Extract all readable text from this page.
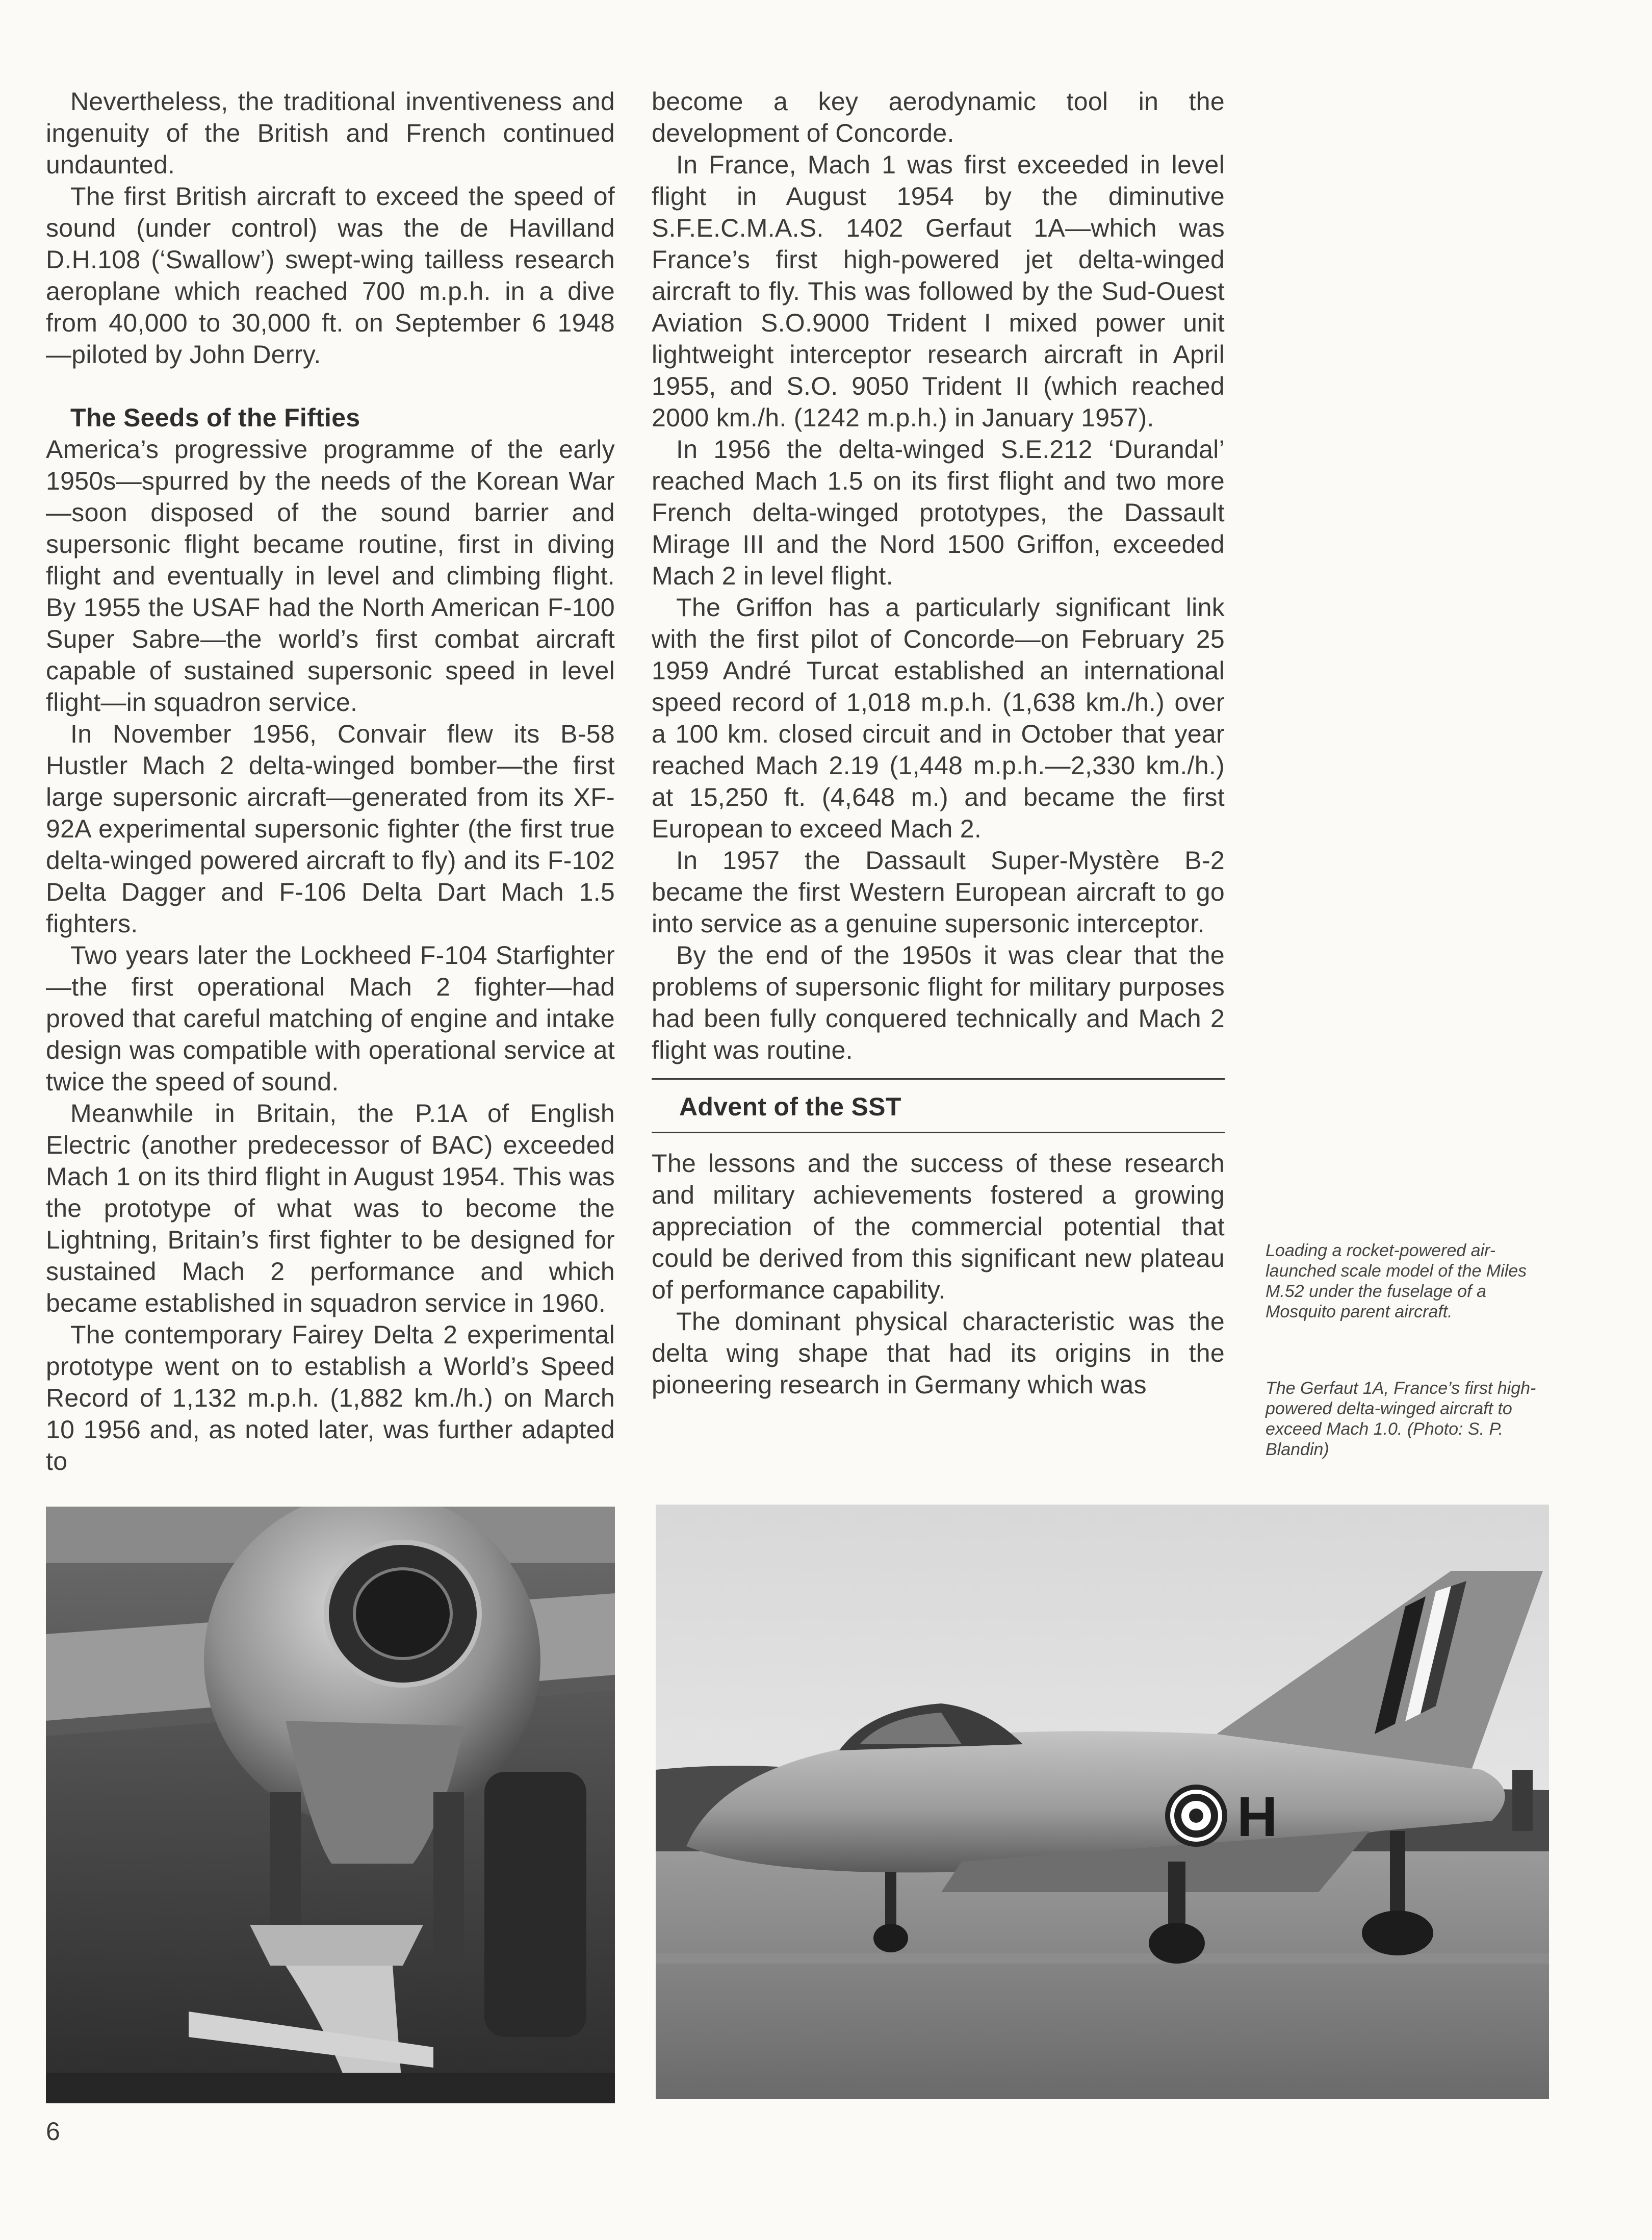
Nevertheless, the traditional inventiveness and ingenuity of the British and French continued undaunted.

The first British aircraft to exceed the speed of sound (under control) was the de Havilland D.H.108 (‘Swallow’) swept-wing tailless research aeroplane which reached 700 m.p.h. in a dive from 40,000 to 30,000 ft. on September 6 1948 —piloted by John Derry.

The Seeds of the Fifties

America’s progressive programme of the early 1950s—spurred by the needs of the Korean War—soon disposed of the sound barrier and supersonic flight became routine, first in diving flight and eventually in level and climbing flight. By 1955 the USAF had the North American F-100 Super Sabre—the world’s first combat aircraft capable of sustained supersonic speed in level flight—in squadron service.

In November 1956, Convair flew its B-58 Hustler Mach 2 delta-winged bomber—the first large supersonic aircraft—generated from its XF-92A experimental supersonic fighter (the first true delta-winged powered aircraft to fly) and its F-102 Delta Dagger and F-106 Delta Dart Mach 1.5 fighters.

Two years later the Lockheed F-104 Starfighter —the first operational Mach 2 fighter—had proved that careful matching of engine and intake design was compatible with operational service at twice the speed of sound.

Meanwhile in Britain, the P.1A of English Electric (another predecessor of BAC) exceeded Mach 1 on its third flight in August 1954. This was the prototype of what was to become the Lightning, Britain’s first fighter to be designed for sustained Mach 2 performance and which became established in squadron service in 1960.

The contemporary Fairey Delta 2 experimental prototype went on to establish a World’s Speed Record of 1,132 m.p.h. (1,882 km./h.) on March 10 1956 and, as noted later, was further adapted to

become a key aerodynamic tool in the development of Concorde.

In France, Mach 1 was first exceeded in level flight in August 1954 by the diminutive S.F.E.C.M.A.S. 1402 Gerfaut 1A—which was France’s first high-powered jet delta-winged aircraft to fly. This was followed by the Sud-Ouest Aviation S.O.9000 Trident I mixed power unit lightweight interceptor research aircraft in April 1955, and S.O. 9050 Trident II (which reached 2000 km./h. (1242 m.p.h.) in January 1957).

In 1956 the delta-winged S.E.212 ‘Durandal’ reached Mach 1.5 on its first flight and two more French delta-winged prototypes, the Dassault Mirage III and the Nord 1500 Griffon, exceeded Mach 2 in level flight.

The Griffon has a particularly significant link with the first pilot of Concorde—on February 25 1959 André Turcat established an international speed record of 1,018 m.p.h. (1,638 km./h.) over a 100 km. closed circuit and in October that year reached Mach 2.19 (1,448 m.p.h.—2,330 km./h.) at 15,250 ft. (4,648 m.) and became the first European to exceed Mach 2.

In 1957 the Dassault Super-Mystère B-2 became the first Western European aircraft to go into service as a genuine supersonic interceptor.

By the end of the 1950s it was clear that the problems of supersonic flight for military purposes had been fully conquered technically and Mach 2 flight was routine.

Advent of the SST

The lessons and the success of these research and military achievements fostered a growing appreciation of the commercial potential that could be derived from this significant new plateau of performance capability.

The dominant physical characteristic was the delta wing shape that had its origins in the pioneering research in Germany which was

Loading a rocket-powered air-launched scale model of the Miles M.52 under the fuselage of a Mosquito parent aircraft.
The Gerfaut 1A, France’s first high-powered delta-winged aircraft to exceed Mach 1.0. (Photo: S. P. Blandin)
H
6
